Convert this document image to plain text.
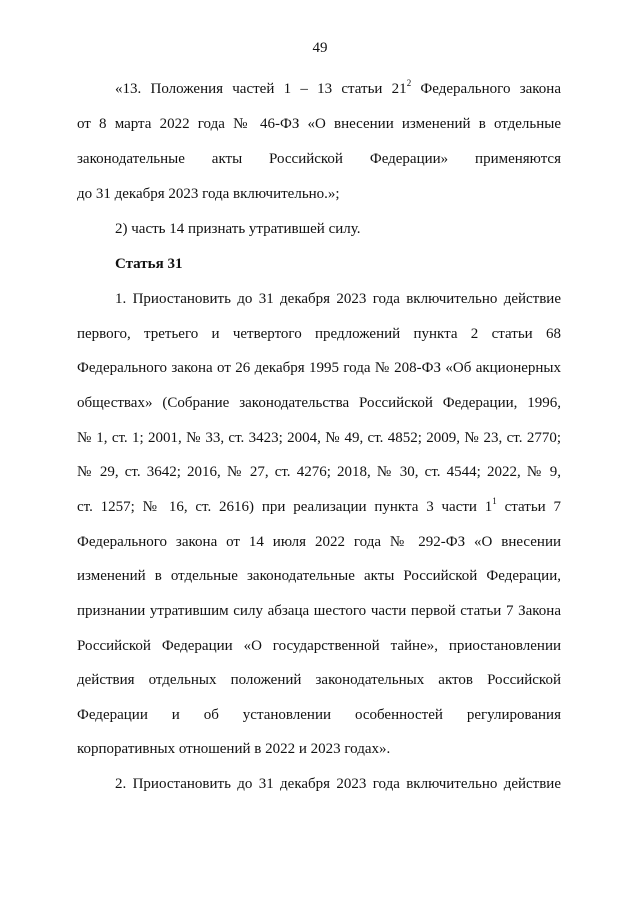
49
«13. Положения частей 1 – 13 статьи $21^2$ Федерального закона
от 8 марта 2022 года № 46-ФЗ «О внесении изменений в отдельные
законодательные акты Российской Федерации» применяются
до 31 декабря 2023 года включительно.»;
2) часть 14 признать утратившей силу.
Статья 31
1. Приостановить до 31 декабря 2023 года включительно действие
первого, третьего и четвертого предложений пункта 2 статьи 68
Федерального закона от 26 декабря 1995 года № 208-ФЗ «Об акционерных
обществах» (Собрание законодательства Российской Федерации, 1996,
№ 1, ст. 1; 2001, № 33, ст. 3423; 2004, № 49, ст. 4852; 2009, № 23, ст. 2770;
№ 29, ст. 3642; 2016, № 27, ст. 4276; 2018, № 30, ст. 4544; 2022, № 9,
ст. 1257; № 16, ст. 2616) при реализации пункта 3 части $1^1$ статьи 7
Федерального закона от 14 июля 2022 года № 292-ФЗ «О внесении
изменений в отдельные законодательные акты Российской Федерации,
признании утратившим силу абзаца шестого части первой статьи 7 Закона
Российской Федерации «О государственной тайне», приостановлении
действия отдельных положений законодательных актов Российской
Федерации и об установлении особенностей регулирования
корпоративных отношений в 2022 и 2023 годах».
2. Приостановить до 31 декабря 2023 года включительно действие
